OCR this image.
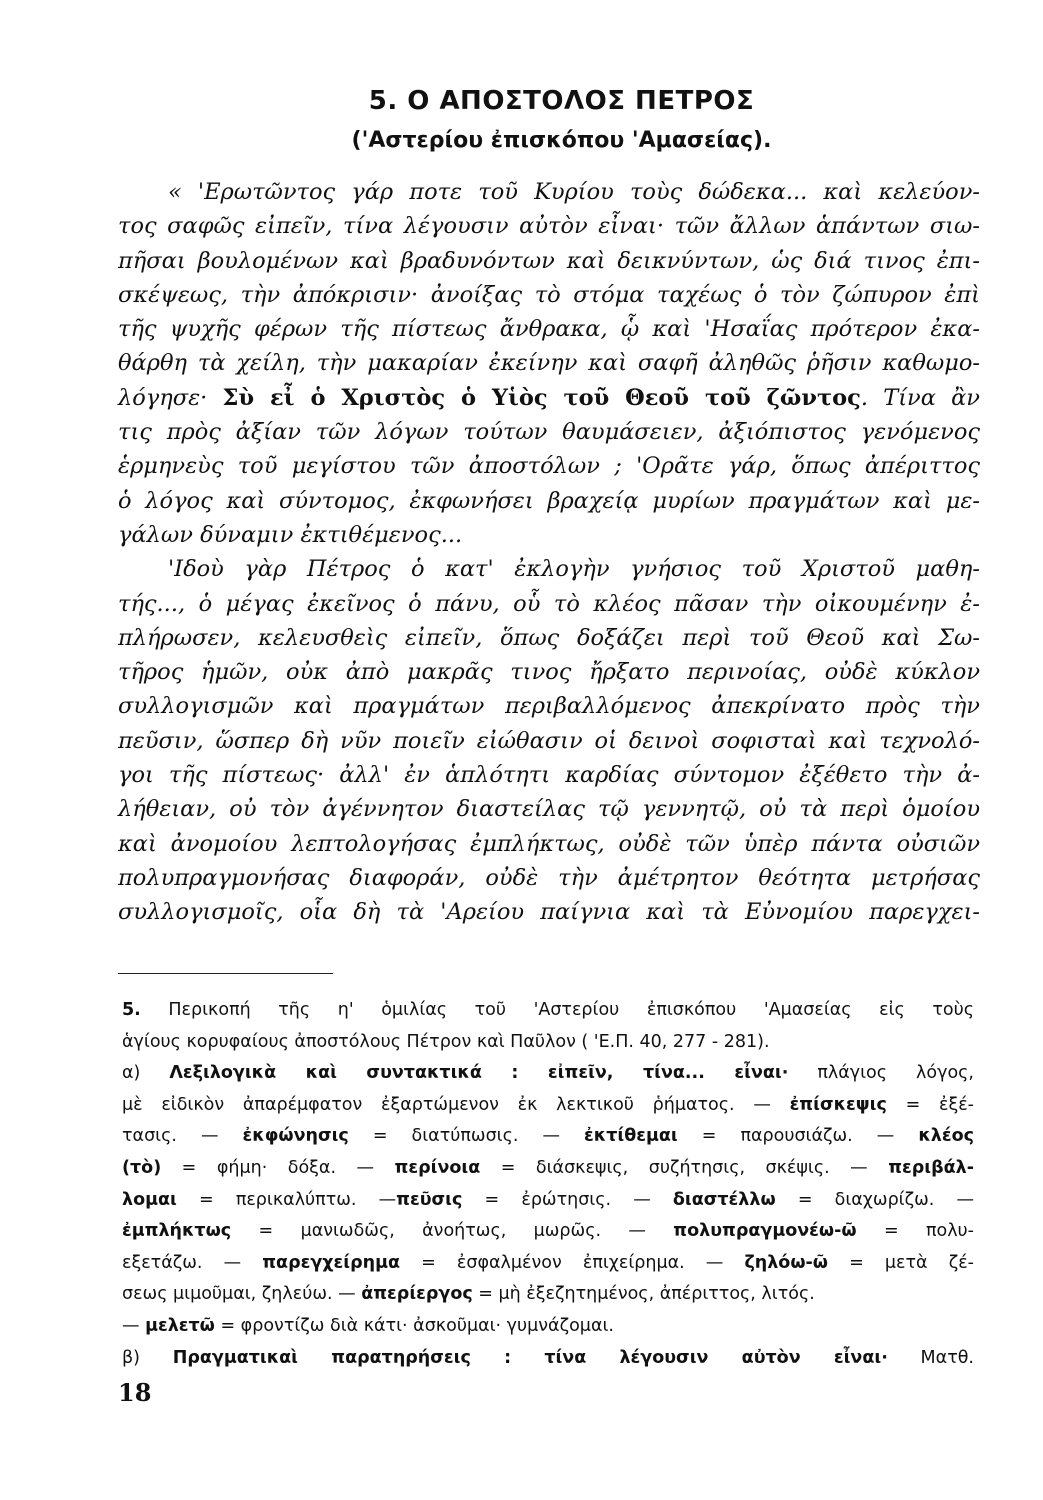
5. Ο ΑΠΟΣΤΟΛΟΣ ΠΕΤΡΟΣ
('Αστερίου ἐπισκόπου 'Αμασείας).
« 'Ερωτῶντος γάρ ποτε τοῦ Κυρίου τοὺς δώδεκα... καὶ κελεύον-
τος σαφῶς εἰπεῖν, τίνα λέγουσιν αὐτὸν εἶναι· τῶν ἄλλων ἁπάντων σιω-
πῆσαι βουλομένων καὶ βραδυνόντων καὶ δεικνύντων, ὡς διά τινος ἐπι-
σκέψεως, τὴν ἀπόκρισιν· ἀνοίξας τὸ στόμα ταχέως ὁ τὸν ζώπυρον ἐπὶ
τῆς ψυχῆς φέρων τῆς πίστεως ἄνθρακα, ᾧ καὶ 'Ησαΐας πρότερον ἐκα-
θάρθη τὰ χείλη, τὴν μακαρίαν ἐκείνην καὶ σαφῆ ἀληθῶς ῥῆσιν καθωμο-
λόγησε· Σὺ εἶ ὁ Χριστὸς ὁ Υἱὸς τοῦ Θεοῦ τοῦ ζῶντος. Τίνα ἂν
τις πρὸς ἀξίαν τῶν λόγων τούτων θαυμάσειεν, ἀξιόπιστος γενόμενος
ἑρμηνεὺς τοῦ μεγίστου τῶν ἀποστόλων ; 'Ορᾶτε γάρ, ὅπως ἀπέριττος
ὁ λόγος καὶ σύντομος, ἐκφωνήσει βραχείᾳ μυρίων πραγμάτων καὶ με-
γάλων δύναμιν ἐκτιθέμενος...
'Ιδοὺ γὰρ Πέτρος ὁ κατ' ἐκλογὴν γνήσιος τοῦ Χριστοῦ μαθη-
τής..., ὁ μέγας ἐκεῖνος ὁ πάνυ, οὗ τὸ κλέος πᾶσαν τὴν οἰκουμένην ἐ-
πλήρωσεν, κελευσθεὶς εἰπεῖν, ὅπως δοξάζει περὶ τοῦ Θεοῦ καὶ Σω-
τῆρος ἡμῶν, οὐκ ἀπὸ μακρᾶς τινος ἤρξατο περινοίας, οὐδὲ κύκλον
συλλογισμῶν καὶ πραγμάτων περιβαλλόμενος ἀπεκρίνατο πρὸς τὴν
πεῦσιν, ὥσπερ δὴ νῦν ποιεῖν εἰώθασιν οἱ δεινοὶ σοφισταὶ καὶ τεχνολό-
γοι τῆς πίστεως· ἀλλ' ἐν ἁπλότητι καρδίας σύντομον ἐξέθετο τὴν ἀ-
λήθειαν, οὐ τὸν ἀγέννητον διαστείλας τῷ γεννητῷ, οὐ τὰ περὶ ὁμοίου
καὶ ἀνομοίου λεπτολογήσας ἐμπλήκτως, οὐδὲ τῶν ὑπὲρ πάντα οὐσιῶν
πολυπραγμονήσας διαφοράν, οὐδὲ τὴν ἀμέτρητον θεότητα μετρήσας
συλλογισμοῖς, οἷα δὴ τὰ 'Αρείου παίγνια καὶ τὰ Εὐνομίου παρεγχει-
5. Περικοπή τῆς η' ὁμιλίας τοῦ 'Αστερίου ἐπισκόπου 'Αμασείας εἰς τοὺς
ἁγίους κορυφαίους ἀποστόλους Πέτρον καὶ Παῦλον ( 'Ε.Π. 40, 277 - 281).
α) Λεξιλογικὰ καὶ συντακτικά : εἰπεῖν, τίνα... εἶναι· πλάγιος λόγος,
μὲ εἰδικὸν ἀπαρέμφατον ἐξαρτώμενον ἐκ λεκτικοῦ ῥήματος. — ἐπίσκεψις = ἐξέ-
τασις. — ἐκφώνησις = διατύπωσις. — ἐκτίθεμαι = παρουσιάζω. — κλέος
(τὸ) = φήμη· δόξα. — περίνοια = διάσκεψις, συζήτησις, σκέψις. — περιβάλ-
λομαι = περικαλύπτω. —πεῦσις = ἐρώτησις. — διαστέλλω = διαχωρίζω. —
ἐμπλήκτως = μανιωδῶς, ἀνοήτως, μωρῶς. — πολυπραγμονέω-ῶ = πολυ-
εξετάζω. — παρεγχείρημα = ἐσφαλμένον ἐπιχείρημα. — ζηλόω-ῶ = μετὰ ζέ-
σεως μιμοῦμαι, ζηλεύω. — ἀπερίεργος = μὴ ἐξεζητημένος, ἀπέριττος, λιτός.
— μελετῶ = φροντίζω διὰ κάτι· ἀσκοῦμαι· γυμνάζομαι.
β) Πραγματικαὶ παρατηρήσεις : τίνα λέγουσιν αὐτὸν εἶναι· Ματθ.
18
